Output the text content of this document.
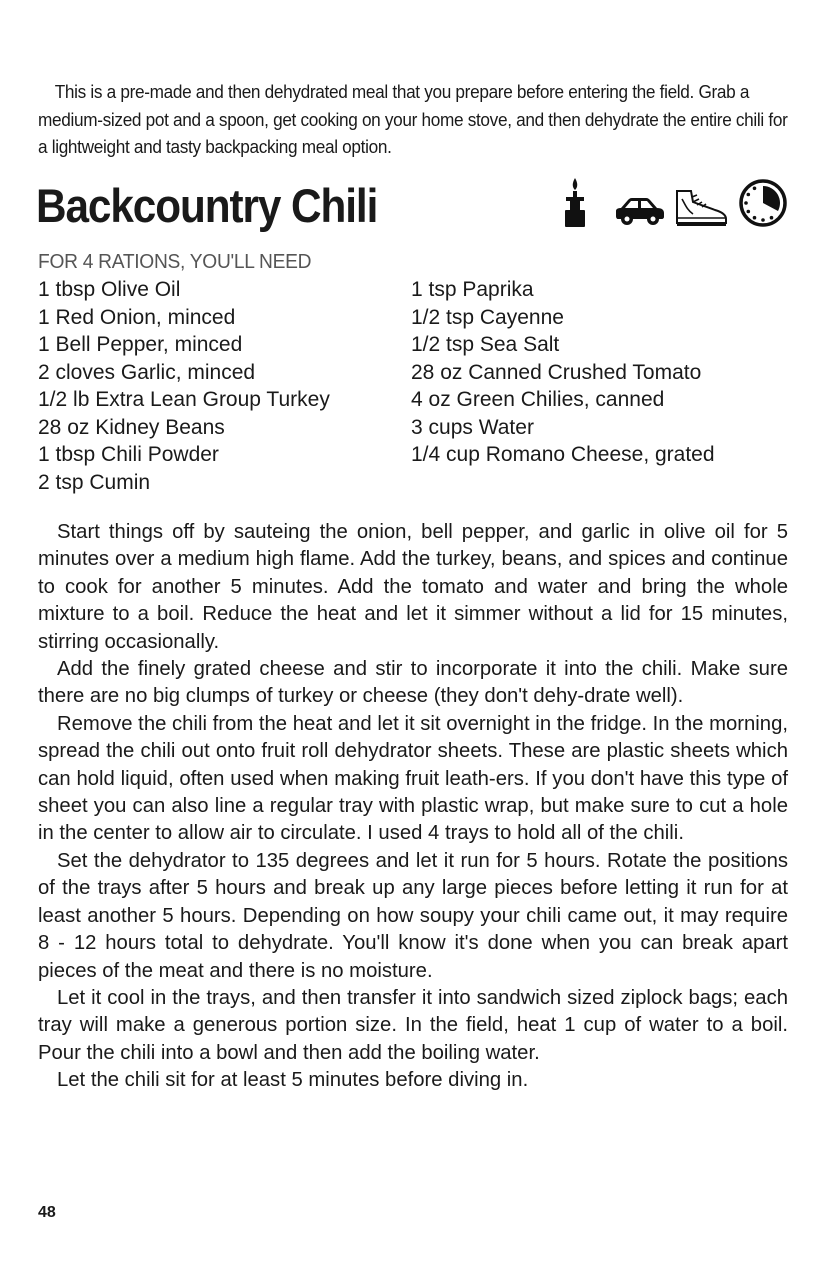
This is a pre-made and then dehydrated meal that you prepare before entering the field. Grab a medium-sized pot and a spoon, get cooking on your home stove, and then dehydrate the entire chili for a lightweight and tasty backpacking meal option.

Backcountry Chili
FOR 4 RATIONS, YOU'LL NEED
1 tbsp Olive Oil
1 Red Onion, minced
1 Bell Pepper, minced
2 cloves Garlic, minced
1/2 lb Extra Lean Group Turkey
28 oz Kidney Beans
1 tbsp Chili Powder
2 tsp Cumin
1 tsp Paprika
1/2 tsp Cayenne
1/2 tsp Sea Salt
28 oz Canned Crushed Tomato
4 oz Green Chilies, canned
3 cups Water
1/4 cup Romano Cheese, grated

Start things off by sauteing the onion, bell pepper, and garlic in olive oil for 5 minutes over a medium high flame. Add the turkey, beans, and spices and continue to cook for another 5 minutes. Add the tomato and water and bring the whole mixture to a boil. Reduce the heat and let it simmer without a lid for 15 minutes, stirring occasionally.

Add the finely grated cheese and stir to incorporate it into the chili. Make sure there are no big clumps of turkey or cheese (they don't dehy-drate well).

Remove the chili from the heat and let it sit overnight in the fridge. In the morning, spread the chili out onto fruit roll dehydrator sheets. These are plastic sheets which can hold liquid, often used when making fruit leath-ers. If you don't have this type of sheet you can also line a regular tray with plastic wrap, but make sure to cut a hole in the center to allow air to circulate. I used 4 trays to hold all of the chili.

Set the dehydrator to 135 degrees and let it run for 5 hours. Rotate the positions of the trays after 5 hours and break up any large pieces before letting it run for at least another 5 hours. Depending on how soupy your chili came out, it may require 8 - 12 hours total to dehydrate. You'll know it's done when you can break apart pieces of the meat and there is no moisture.

Let it cool in the trays, and then transfer it into sandwich sized ziplock bags; each tray will make a generous portion size. In the field, heat 1 cup of water to a boil. Pour the chili into a bowl and then add the boiling water.

Let the chili sit for at least 5 minutes before diving in.

48
